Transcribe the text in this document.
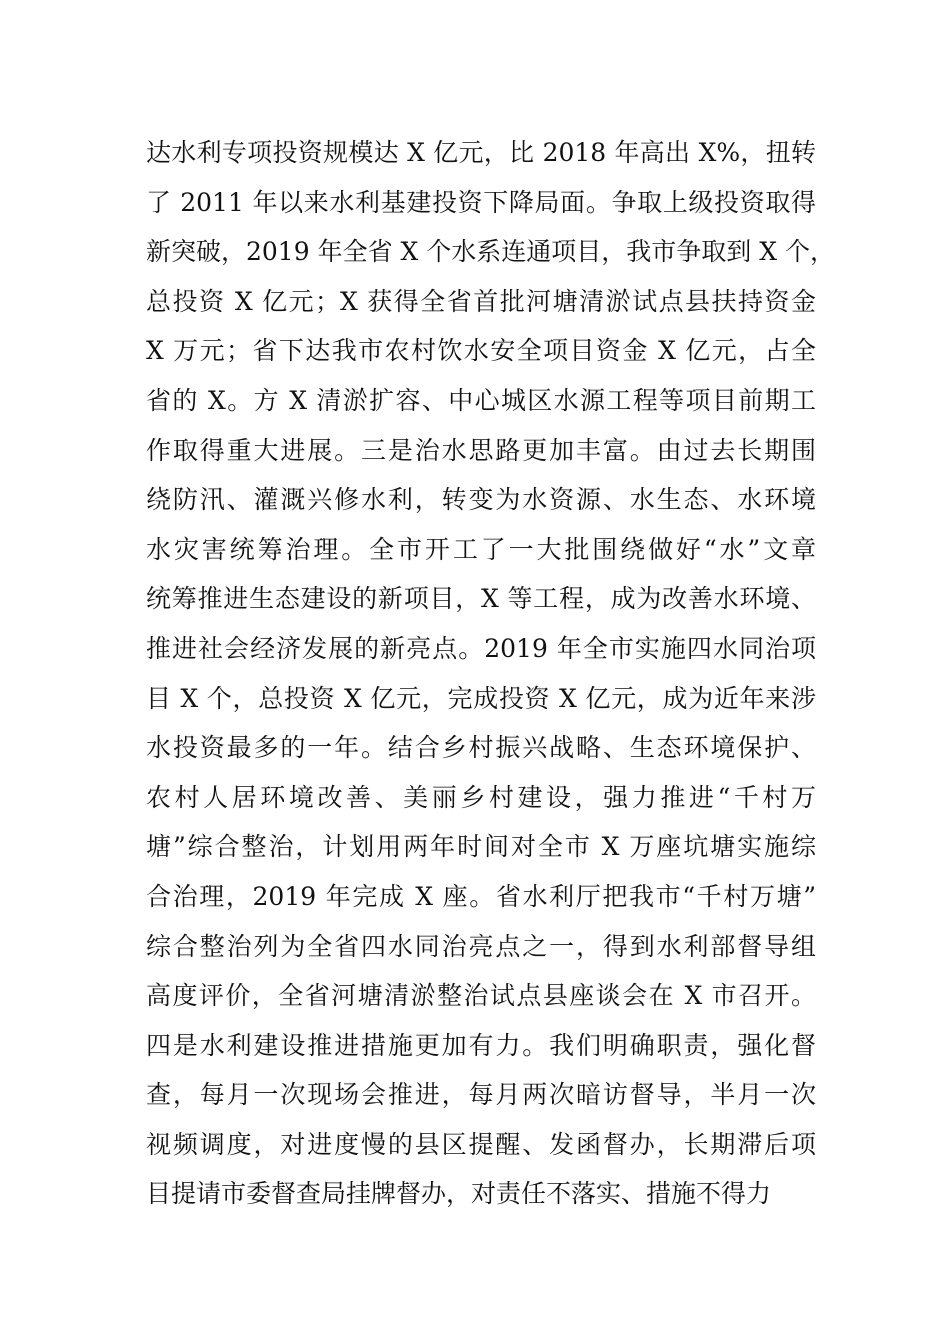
达水利专项投资规模达 X 亿元，比 2018 年高出 X%，扭转
了 2011 年以来水利基建投资下降局面。争取上级投资取得
新突破，2019 年全省 X 个水系连通项目，我市争取到 X 个，
总投资 X 亿元；X 获得全省首批河塘清淤试点县扶持资金
X 万元；省下达我市农村饮水安全项目资金 X 亿元，占全
省的 X。方 X 清淤扩容、中心城区水源工程等项目前期工
作取得重大进展。三是治水思路更加丰富。由过去长期围
绕防汛、灌溉兴修水利，转变为水资源、水生态、水环境
水灾害统筹治理。全市开工了一大批围绕做好“水”文章
统筹推进生态建设的新项目，X 等工程，成为改善水环境、
推进社会经济发展的新亮点。2019 年全市实施四水同治项
目 X 个，总投资 X 亿元，完成投资 X 亿元，成为近年来涉
水投资最多的一年。结合乡村振兴战略、生态环境保护、
农村人居环境改善、美丽乡村建设，强力推进“千村万
塘”综合整治，计划用两年时间对全市 X 万座坑塘实施综
合治理，2019 年完成 X 座。省水利厅把我市“千村万塘”
综合整治列为全省四水同治亮点之一，得到水利部督导组
高度评价，全省河塘清淤整治试点县座谈会在 X 市召开。
四是水利建设推进措施更加有力。我们明确职责，强化督
查，每月一次现场会推进，每月两次暗访督导，半月一次
视频调度，对进度慢的县区提醒、发函督办，长期滞后项
目提请市委督查局挂牌督办，对责任不落实、措施不得力
